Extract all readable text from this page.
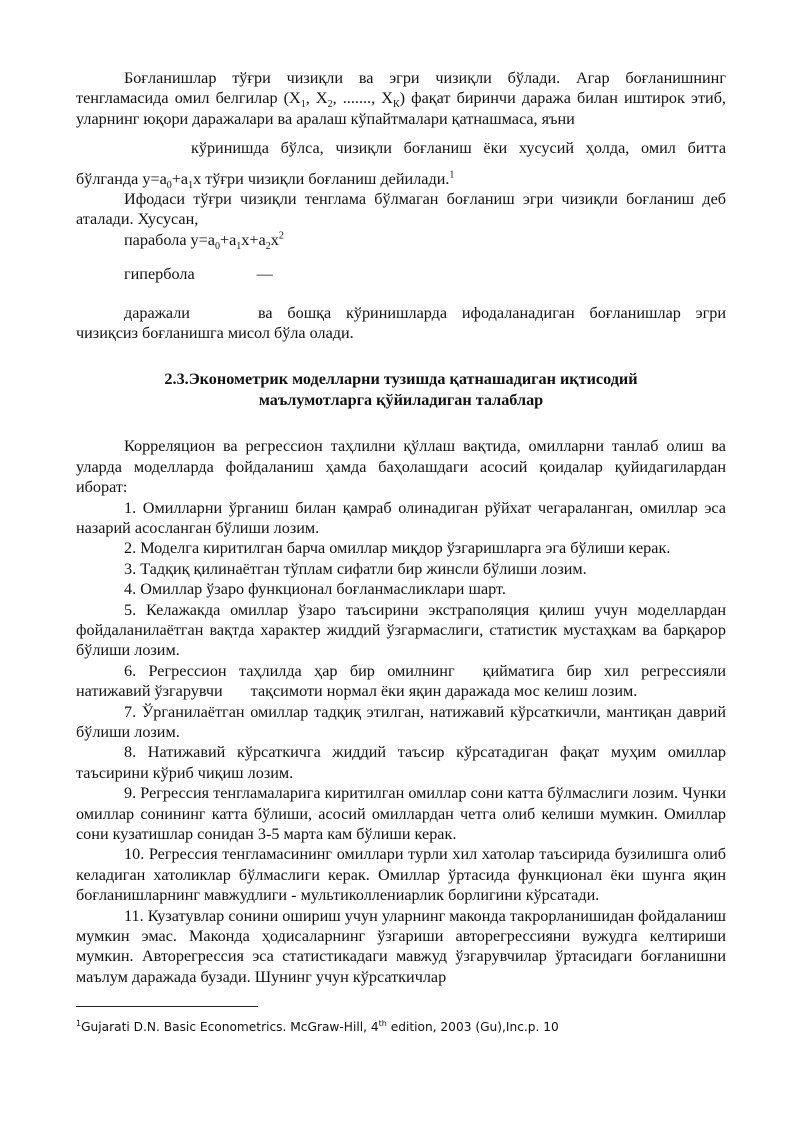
Боғланишлар тўғри чизиқли ва эгри чизиқли бўлади. Агар боғланишнинг тенгламасида омил белгилар ($Х_1$, $Х_2$, ......., $Х_К$) фақат биринчи даража билан иштирок этиб, уларнинг юқори даражалари ва аралаш кўпайтмалари қатнашмаса, яъни

кўринишда бўлса, чизиқли боғланиш ёки хусусий ҳолда, омил битта

бўлганда $у=а_0+а_1х$ тўғри чизиқли боғланиш дейилади.$^1$

Ифодаси тўғри чизиқли тенглама бўлмаган боғланиш эгри чизиқли боғланиш деб аталади. Хусусан,

парабола $у=а_0+а_1х+а_2х^2$

гипербола	—

даражали	ва бошқа кўринишларда ифодаланадиган боғланишлар эгри чизиқсиз боғланишга мисол бўла олади.

2.3.Эконометрик моделларни тузишда қатнашадиган иқтисодий
маълумотларга қўйиладиган талаблар

Корреляцион ва регрессион таҳлилни қўллаш вақтида, омилларни танлаб олиш ва уларда моделларда фойдаланиш ҳамда баҳолашдаги асосий қоидалар қуйидагилардан иборат:

1. Омилларни ўрганиш билан қамраб олинадиган рўйхат чегараланган, омиллар эса назарий асосланган бўлиши лозим.

2. Моделга киритилган барча омиллар миқдор ўзгаришларга эга бўлиши керак.

3. Тадқиқ қилинаётган тўплам сифатли бир жинсли бўлиши лозим.

4. Омиллар ўзаро функционал боғланмасликлари шарт.

5. Келажакда омиллар ўзаро таъсирини экстраполяция қилиш учун моделлардан фойдаланилаётган вақтда характер жиддий ўзгармаслиги, статистик мустаҳкам ва барқарор бўлиши лозим.

6. Регрессион таҳлилда ҳар бир омилнинг қийматига бир хил регрессияли натижавий ўзгарувчи тақсимоти нормал ёки яқин даражада мос келиш лозим.

7. Ўрганилаётган омиллар тадқиқ этилган, натижавий кўрсаткичли, мантиқан даврий бўлиши лозим.

8. Натижавий кўрсаткичга жиддий таъсир кўрсатадиган фақат муҳим омиллар таъсирини кўриб чиқиш лозим.

9. Регрессия тенгламаларига киритилган омиллар сони катта бўлмаслиги лозим. Чунки омиллар сонининг катта бўлиши, асосий омиллардан четга олиб келиши мумкин. Омиллар сони кузатишлар сонидан 3-5 марта кам бўлиши керак.

10. Регрессия тенгламасининг омиллари турли хил хатолар таъсирида бузилишга олиб келадиган хатоликлар бўлмаслиги керак. Омиллар ўртасида функционал ёки шунга яқин боғланишларнинг мавжудлиги - мультиколлениарлик борлигини кўрсатади.

11. Кузатувлар сонини ошириш учун уларнинг маконда такрорланишидан фойдаланиш мумкин эмас. Маконда ҳодисаларнинг ўзгариши авторегрессияни вужудга келтириши мумкин. Авторегрессия эса статистикадаги мавжуд ўзгарувчилар ўртасидаги боғланишни маълум даражада бузади. Шунинг учун кўрсаткичлар

$^1$Gujarati D.N. Basic Econometrics. McGraw-Hill, 4th edition, 2003 (Gu),Inc.p. 10
